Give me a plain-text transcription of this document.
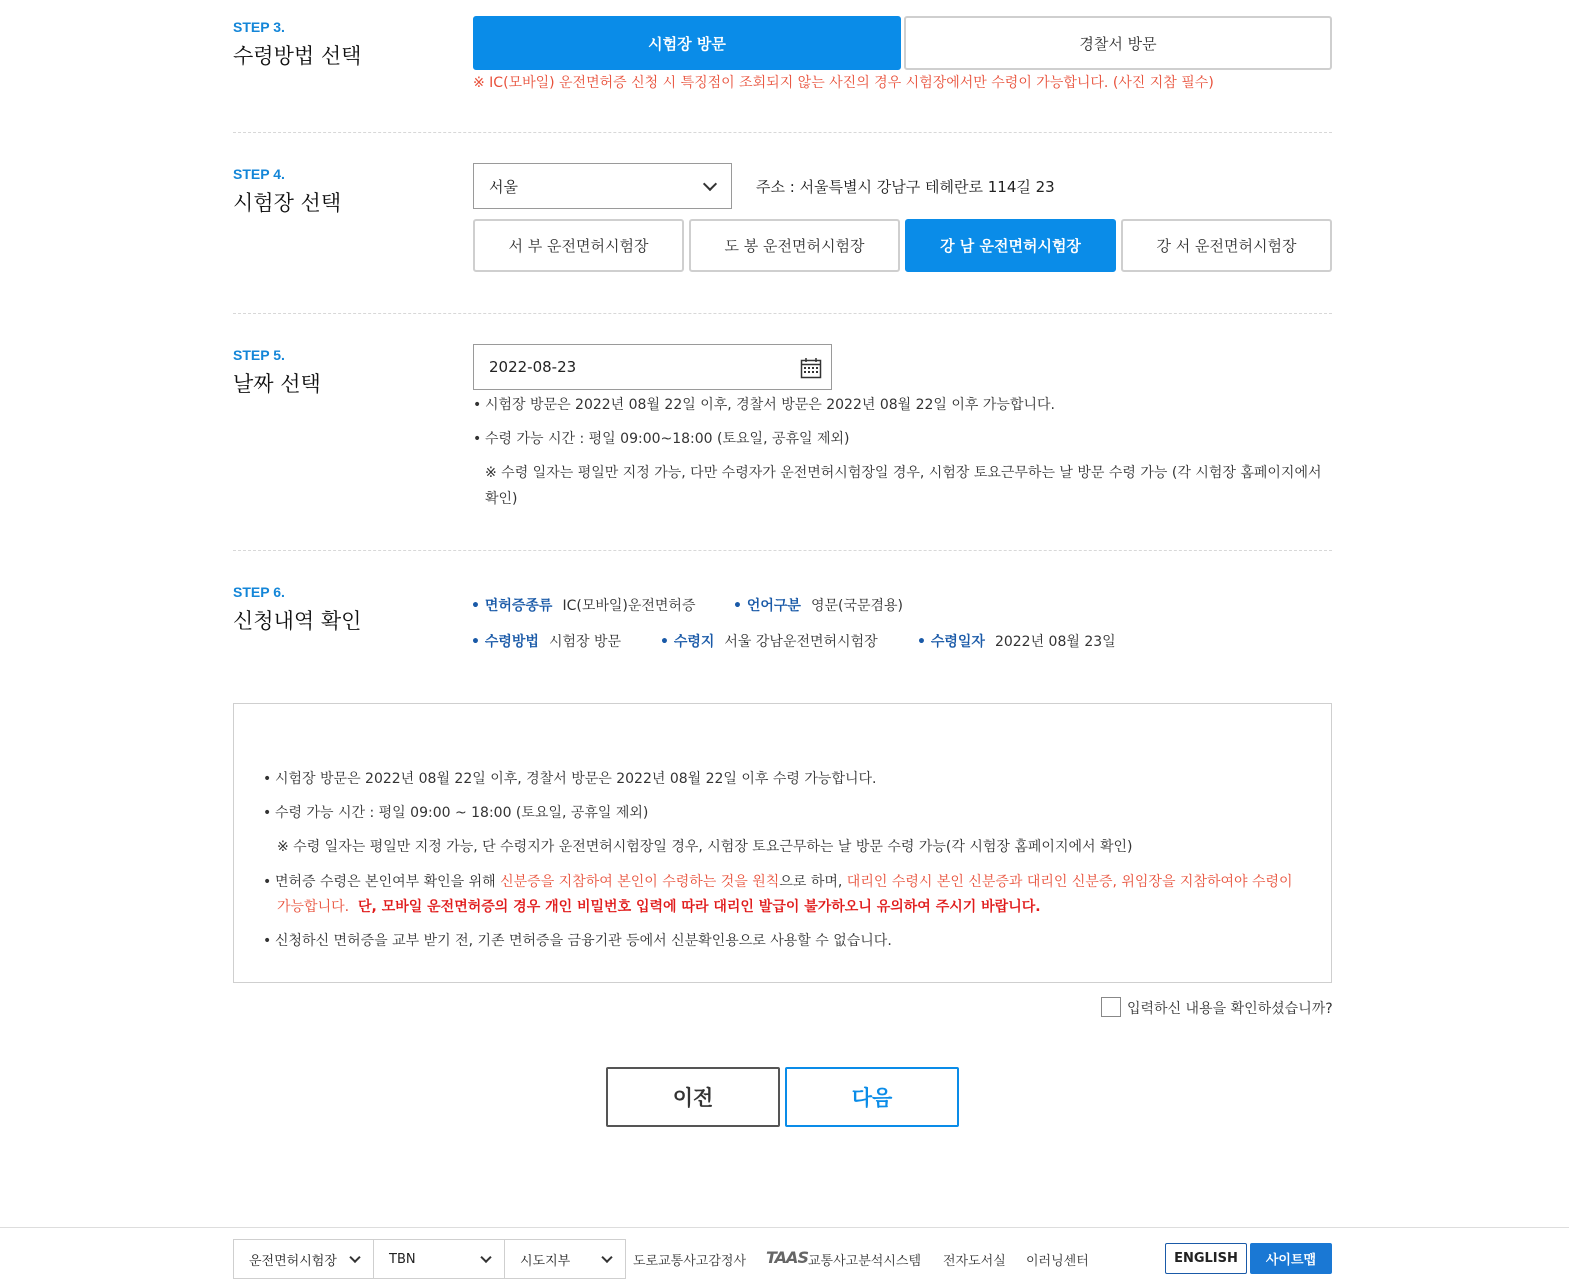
STEP 3.
수령방법 선택
시험장 방문	경찰서 방문
※ IC(모바일) 운전면허증 신청 시 특징점이 조회되지 않는 사진의 경우 시험장에서만 수령이 가능합니다. (사진 지참 필수)
STEP 4.
시험장 선택
서울	주소 : 서울특별시 강남구 테헤란로 114길 23
서 부 운전면허시험장	도 봉 운전면허시험장	강 남 운전면허시험장	강 서 운전면허시험장
STEP 5.
날짜 선택
2022-08-23
• 시험장 방문은 2022년 08월 22일 이후, 경찰서 방문은 2022년 08월 22일 이후 가능합니다.
• 수령 가능 시간 : 평일 09:00~18:00 (토요일, 공휴일 제외)
※ 수령 일자는 평일만 지정 가능, 다만 수령자가 운전면허시험장일 경우, 시험장 토요근무하는 날 방문 수령 가능 (각 시험장 홈페이지에서
확인)
STEP 6.
신청내역 확인
• 면허증종류 IC(모바일)운전면허증	• 언어구분 영문(국문겸용)
• 수령방법 시험장 방문	• 수령지 서울 강남운전면허시험장	• 수령일자 2022년 08월 23일
• 시험장 방문은 2022년 08월 22일 이후, 경찰서 방문은 2022년 08월 22일 이후 수령 가능합니다.
• 수령 가능 시간 : 평일 09:00 ~ 18:00 (토요일, 공휴일 제외)
※ 수령 일자는 평일만 지정 가능, 단 수령지가 운전면허시험장일 경우, 시험장 토요근무하는 날 방문 수령 가능(각 시험장 홈페이지에서 확인)
• 면허증 수령은 본인여부 확인을 위해 신분증을 지참하여 본인이 수령하는 것을 원칙으로 하며, 대리인 수령시 본인 신분증과 대리인 신분증, 위임장을 지참하여야 수령이
가능합니다. 단, 모바일 운전면허증의 경우 개인 비밀번호 입력에 따라 대리인 발급이 불가하오니 유의하여 주시기 바랍니다.
• 신청하신 면허증을 교부 받기 전, 기존 면허증을 금융기관 등에서 신분확인용으로 사용할 수 없습니다.
입력하신 내용을 확인하셨습니까?
이전	다음
운전면허시험장	TBN	시도지부	도로교통사고감정사 TAAS 교통사고분석시스템 전자도서실 이러닝센터	ENGLISH	사이트맵
